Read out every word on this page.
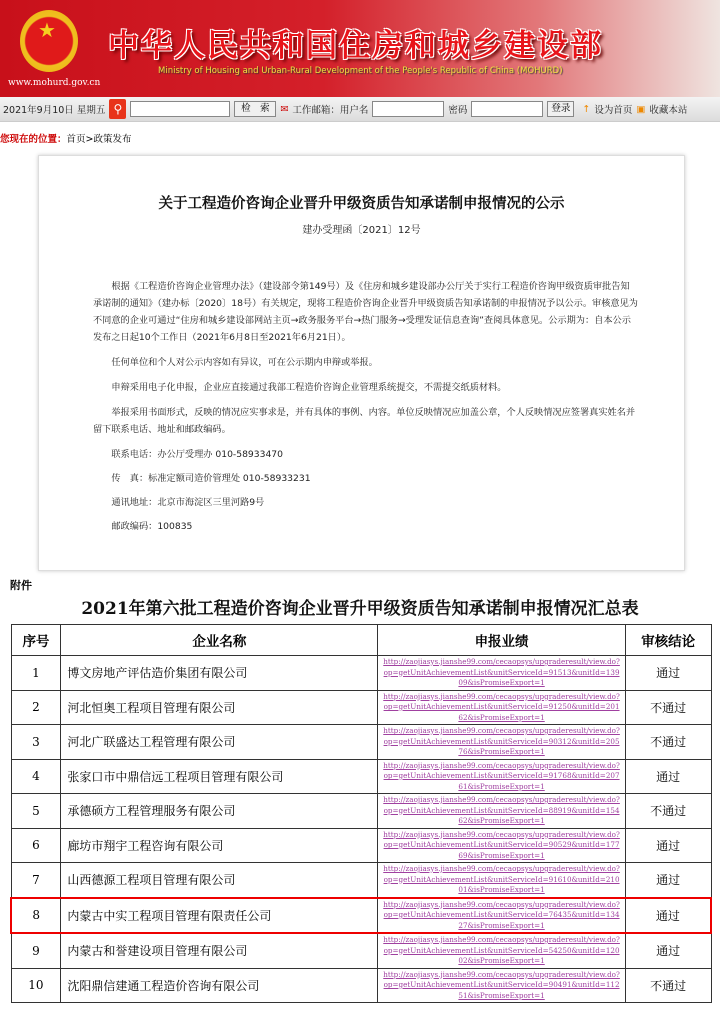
★
www.mohurd.gov.cn
中华人民共和国住房和城乡建设部
Ministry of Housing and Urban-Rural Development of the People's Republic of China (MOHURD)
2021年9月10日 星期五 ⚲	检　索	✉ 工作邮箱：用户名	密码	登录	↑ 设为首页 ▣ 收藏本站
您现在的位置：首页>政策发布
关于工程造价咨询企业晋升甲级资质告知承诺制申报情况的公示
建办受理函〔2021〕12号

根据《工程造价咨询企业管理办法》（建设部令第149号）及《住房和城乡建设部办公厅关于实行工程造价咨询甲级资质审批告知承诺制的通知》（建办标〔2020〕18号）有关规定，现将工程造价咨询企业晋升甲级资质告知承诺制的申报情况予以公示。审核意见为不同意的企业可通过“住房和城乡建设部网站主页→政务服务平台→热门服务→受理发证信息查询”查阅具体意见。公示期为：自本公示发布之日起10个工作日（2021年6月8日至2021年6月21日）。

任何单位和个人对公示内容如有异议，可在公示期内申辩或举报。

申辩采用电子化申报，企业应直接通过我部工程造价咨询企业管理系统提交，不需提交纸质材料。

举报采用书面形式，反映的情况应实事求是，并有具体的事例、内容。单位反映情况应加盖公章，个人反映情况应签署真实姓名并留下联系电话、地址和邮政编码。

联系电话：办公厅受理办 010-58933470

传　真：标准定额司造价管理处 010-58933231

通讯地址：北京市海淀区三里河路9号

邮政编码：100835

附件
2021年第六批工程造价咨询企业晋升甲级资质告知承诺制申报情况汇总表
序号	企业名称	申报业绩	审核结论
1	博文房地产评估造价集团有限公司	http://zaojiasys.jianshe99.com/cecaopsys/upgraderesult/view.do?op=getUnitAchievementList&unitServiceId=91513&unitId=13909&isPromiseExport=1	通过
2	河北恒奥工程项目管理有限公司	http://zaojiasys.jianshe99.com/cecaopsys/upgraderesult/view.do?op=getUnitAchievementList&unitServiceId=91250&unitId=20162&isPromiseExport=1	不通过
3	河北广联盛达工程管理有限公司	http://zaojiasys.jianshe99.com/cecaopsys/upgraderesult/view.do?op=getUnitAchievementList&unitServiceId=90312&unitId=20576&isPromiseExport=1	不通过
4	张家口市中鼎信远工程项目管理有限公司	http://zaojiasys.jianshe99.com/cecaopsys/upgraderesult/view.do?op=getUnitAchievementList&unitServiceId=91768&unitId=20761&isPromiseExport=1	通过
5	承德硕方工程管理服务有限公司	http://zaojiasys.jianshe99.com/cecaopsys/upgraderesult/view.do?op=getUnitAchievementList&unitServiceId=88919&unitId=15462&isPromiseExport=1	不通过
6	廊坊市翔宇工程咨询有限公司	http://zaojiasys.jianshe99.com/cecaopsys/upgraderesult/view.do?op=getUnitAchievementList&unitServiceId=90529&unitId=17769&isPromiseExport=1	通过
7	山西德源工程项目管理有限公司	http://zaojiasys.jianshe99.com/cecaopsys/upgraderesult/view.do?op=getUnitAchievementList&unitServiceId=91610&unitId=21001&isPromiseExport=1	通过
8	内蒙古中实工程项目管理有限责任公司	http://zaojiasys.jianshe99.com/cecaopsys/upgraderesult/view.do?op=getUnitAchievementList&unitServiceId=76435&unitId=13427&isPromiseExport=1	通过
9	内蒙古和誉建设项目管理有限公司	http://zaojiasys.jianshe99.com/cecaopsys/upgraderesult/view.do?op=getUnitAchievementList&unitServiceId=54250&unitId=12002&isPromiseExport=1	通过
10	沈阳鼎信建通工程造价咨询有限公司	http://zaojiasys.jianshe99.com/cecaopsys/upgraderesult/view.do?op=getUnitAchievementList&unitServiceId=90491&unitId=11251&isPromiseExport=1	不通过
